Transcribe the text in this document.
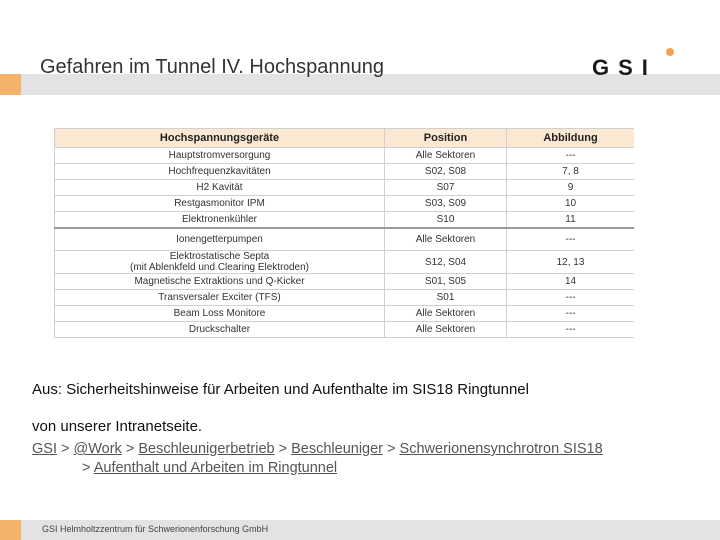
Gefahren im Tunnel IV. Hochspannung	GSI
Hochspannungsgeräte	Position	Abbildung
Hauptstromversorgung	Alle Sektoren	---
Hochfrequenzkavitäten	S02, S08	7, 8
H2 Kavität	S07	9
Restgasmonitor IPM	S03, S09	10
Elektronenkühler	S10	11
Ionengetterpumpen	Alle Sektoren	---
Elektrostatische Septa
(mit Ablenkfeld und Clearing Elektroden)	S12, S04	12, 13
Magnetische Extraktions und Q-Kicker	S01, S05	14
Transversaler Exciter (TFS)	S01	---
Beam Loss Monitore	Alle Sektoren	---
Druckschalter	Alle Sektoren	---
Aus: Sicherheitshinweise für Arbeiten und Aufenthalte im SIS18 Ringtunnel
von unserer Intranetseite.
GSI > @Work > Beschleunigerbetrieb > Beschleuniger > Schwerionensynchrotron SIS18
> Aufenthalt und Arbeiten im Ringtunnel
GSI Helmholtzzentrum für Schwerionenforschung GmbH
